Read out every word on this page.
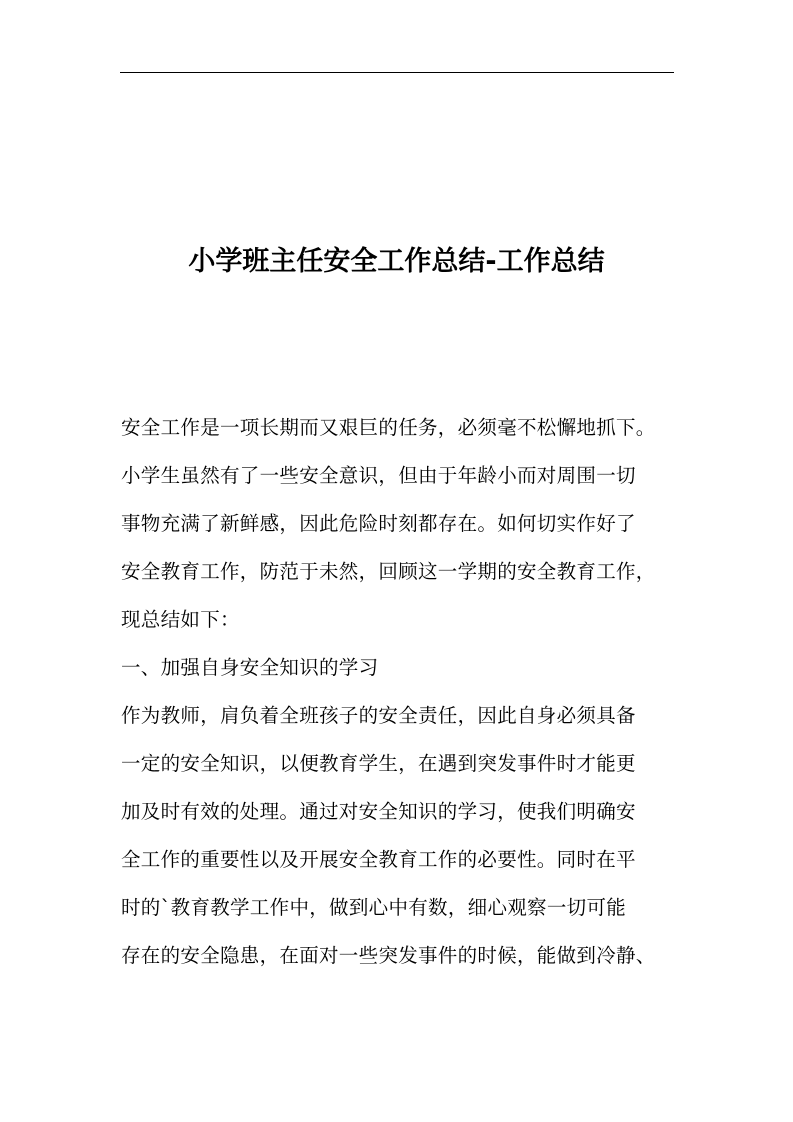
小学班主任安全工作总结-工作总结
安全工作是一项长期而又艰巨的任务，必须毫不松懈地抓下。
小学生虽然有了一些安全意识，但由于年龄小而对周围一切
事物充满了新鲜感，因此危险时刻都存在。如何切实作好了
安全教育工作，防范于未然，回顾这一学期的安全教育工作，
现总结如下：
一、加强自身安全知识的学习
作为教师，肩负着全班孩子的安全责任，因此自身必须具备
一定的安全知识，以便教育学生，在遇到突发事件时才能更
加及时有效的处理。通过对安全知识的学习，使我们明确安
全工作的重要性以及开展安全教育工作的必要性。同时在平
时的`教育教学工作中，做到心中有数，细心观察一切可能
存在的安全隐患，在面对一些突发事件的时候，能做到冷静、
